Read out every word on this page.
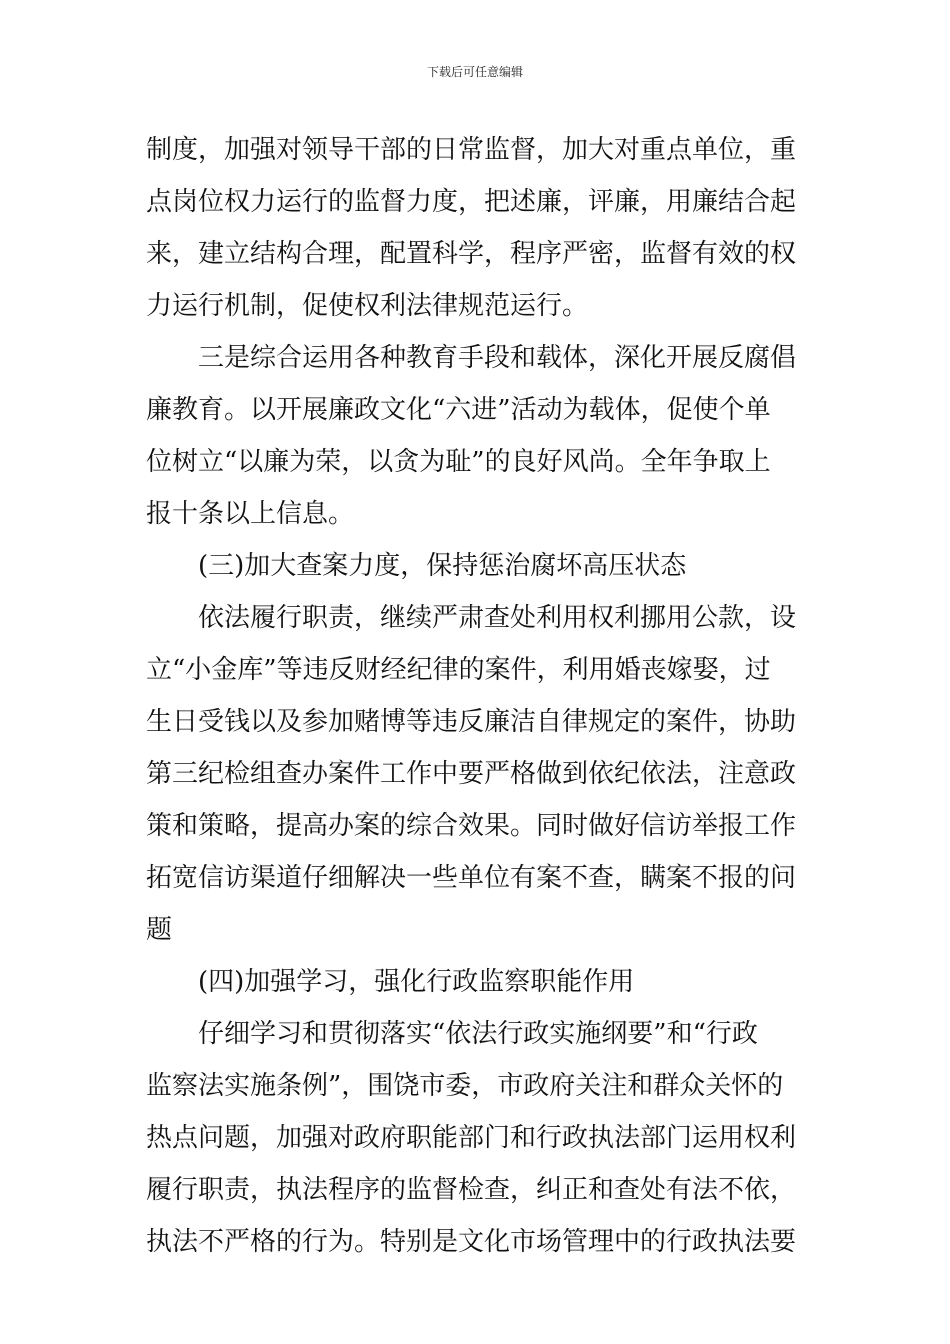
下载后可任意编辑

制度，加强对领导干部的日常监督，加大对重点单位，重
点岗位权力运行的监督力度，把述廉，评廉，用廉结合起
来，建立结构合理，配置科学，程序严密，监督有效的权
力运行机制，促使权利法律规范运行。

三是综合运用各种教育手段和载体，深化开展反腐倡
廉教育。以开展廉政文化“六进”活动为载体，促使个单
位树立“以廉为荣，以贪为耻”的良好风尚。全年争取上
报十条以上信息。

(三)加大查案力度，保持惩治腐坏高压状态

依法履行职责，继续严肃查处利用权利挪用公款，设
立“小金库”等违反财经纪律的案件，利用婚丧嫁娶，过
生日受钱以及参加赌博等违反廉洁自律规定的案件，协助
第三纪检组查办案件工作中要严格做到依纪依法，注意政
策和策略，提高办案的综合效果。同时做好信访举报工作
拓宽信访渠道仔细解决一些单位有案不查，瞒案不报的问
题

(四)加强学习，强化行政监察职能作用

仔细学习和贯彻落实“依法行政实施纲要”和“行政
监察法实施条例”，围饶市委，市政府关注和群众关怀的
热点问题，加强对政府职能部门和行政执法部门运用权利
履行职责，执法程序的监督检查，纠正和查处有法不依，
执法不严格的行为。特别是文化市场管理中的行政执法要
